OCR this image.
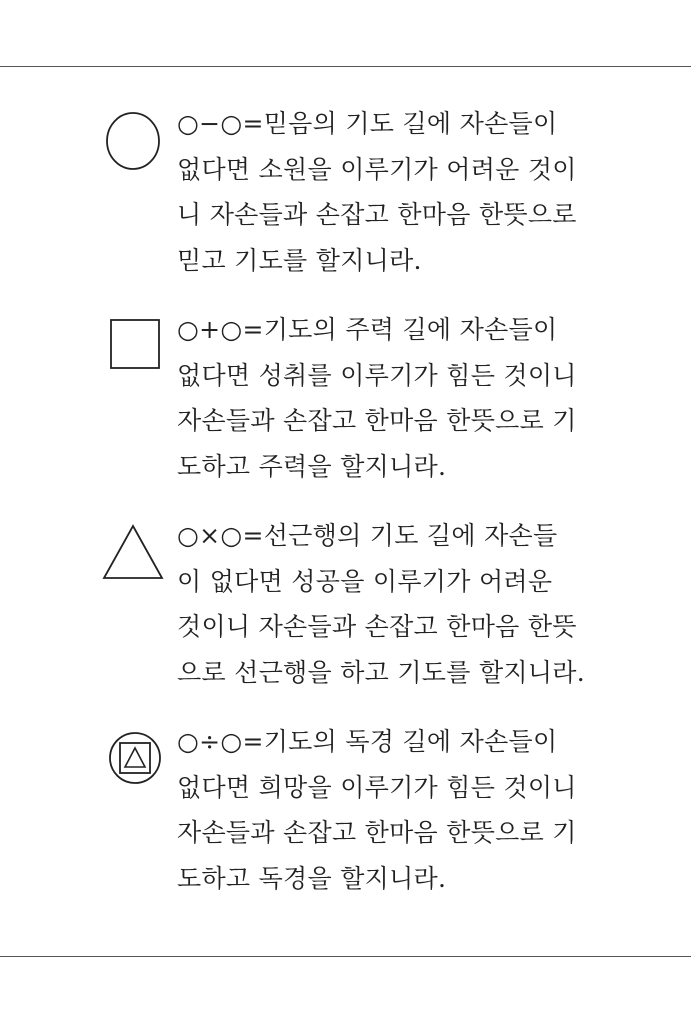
○−○=믿음의 기도 길에 자손들이
없다면 소원을 이루기가 어려운 것이
니 자손들과 손잡고 한마음 한뜻으로
믿고 기도를 할지니라.
○+○=기도의 주력 길에 자손들이
없다면 성취를 이루기가 힘든 것이니
자손들과 손잡고 한마음 한뜻으로 기
도하고 주력을 할지니라.
○×○=선근행의 기도 길에 자손들
이 없다면 성공을 이루기가 어려운
것이니 자손들과 손잡고 한마음 한뜻
으로 선근행을 하고 기도를 할지니라.
○÷○=기도의 독경 길에 자손들이
없다면 희망을 이루기가 힘든 것이니
자손들과 손잡고 한마음 한뜻으로 기
도하고 독경을 할지니라.
